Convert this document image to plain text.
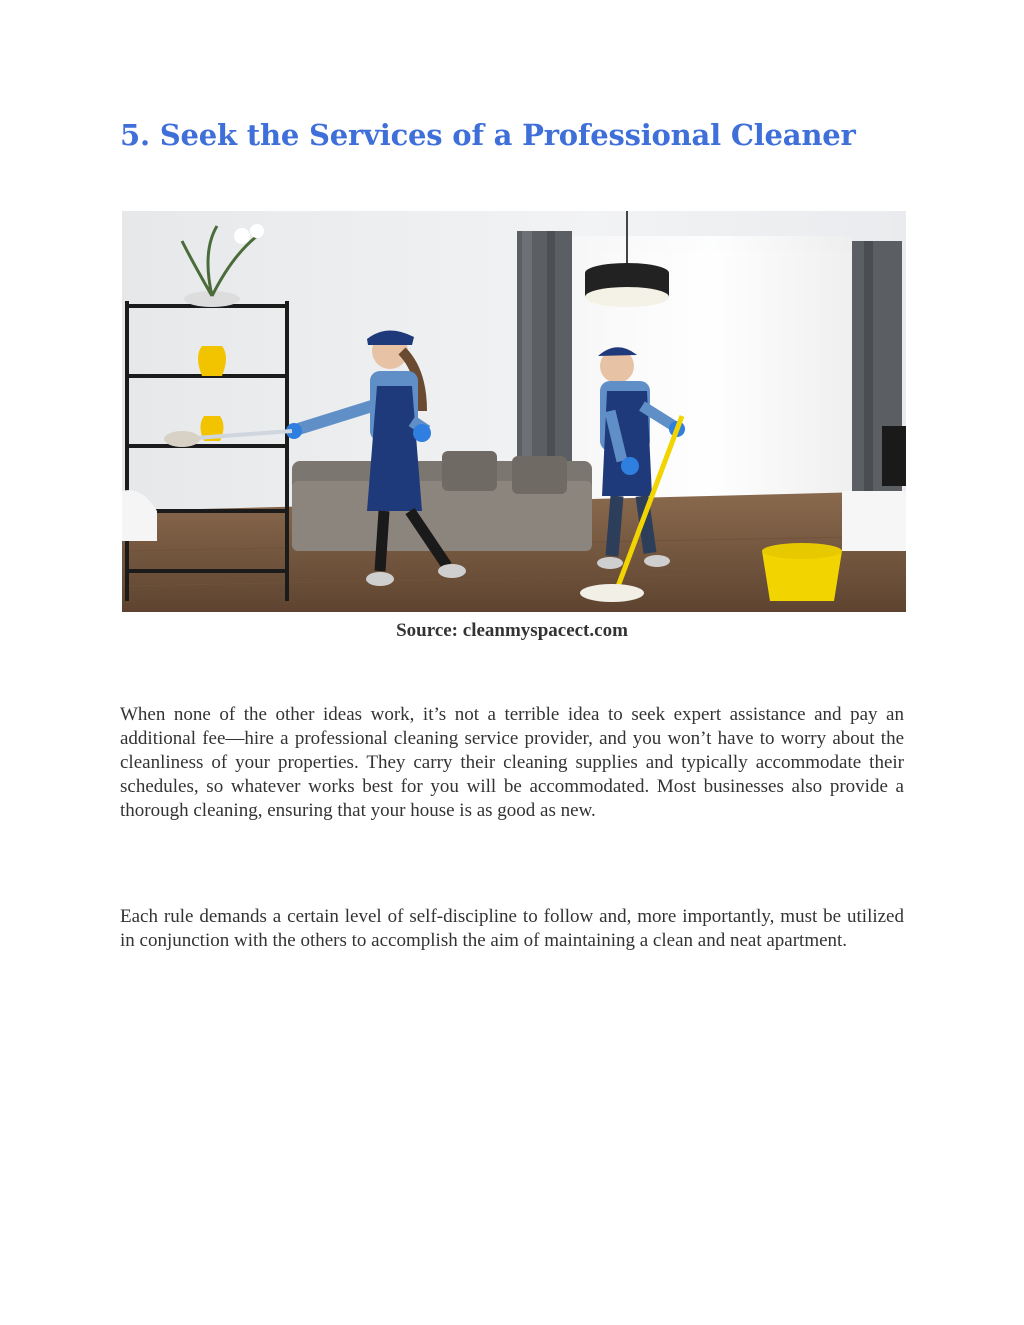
5. Seek the Services of a Professional Cleaner
Source: cleanmyspacect.com

When none of the other ideas work, it’s not a terrible idea to seek expert assistance and pay an additional fee—hire a professional cleaning service provider, and you won’t have to worry about the cleanliness of your properties. They carry their cleaning supplies and typically accommodate their schedules, so whatever works best for you will be accommodated. Most businesses also provide a thorough cleaning, ensuring that your house is as good as new.

Each rule demands a certain level of self-discipline to follow and, more importantly, must be utilized in conjunction with the others to accomplish the aim of maintaining a clean and neat apartment.
